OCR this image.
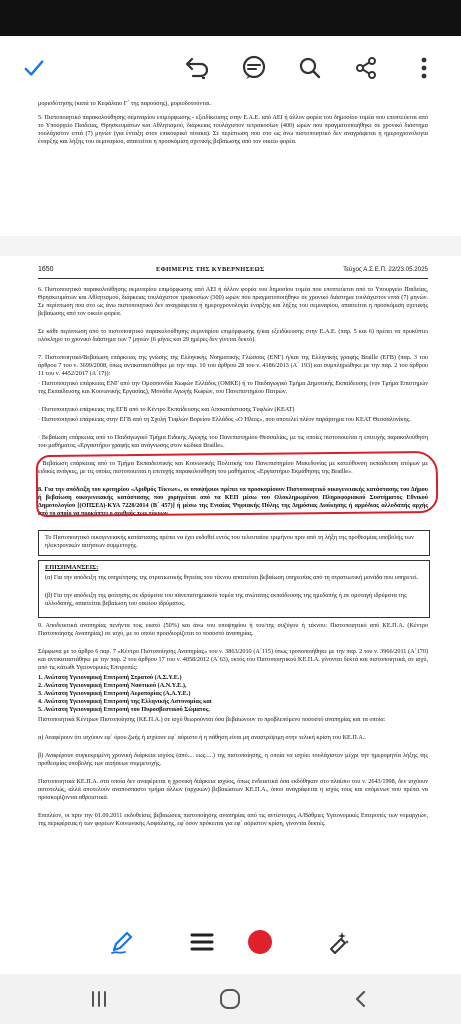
μοριοδότησης (κατά το Κεφάλαιο Γ΄ της παρούσης), μοριοδοτούνται.
5. Πιστοποιητικό παρακολούθησης σεμιναρίου επιμόρφωσης - εξειδίκευσης στην Ε.Α.Ε. από ΑΕΙ ή άλλον φορέα του δημοσίου τομέα που εποπτεύεται από το Υπουργείο Παιδείας, Θρησκευμάτων και Αθλητισμού, διάρκειας τουλάχιστον τετρακοσίων (400) ωρών που πραγματοποιήθηκε σε χρονικό διάστημα τουλάχιστον επτά (7) μηνών (για ένταξη στον επικουρικό πίνακα). Σε περίπτωση που στο ως άνω πιστοποιητικό δεν αναγράφεται η ημεροχρονολογία έναρξης και λήξης του σεμιναρίου, απαιτείται η προσκόμιση σχετικής βεβαίωσης από τον οικείο φορέα.
1650	ΕΦΗΜΕΡΙΣ ΤΗΣ ΚΥΒΕΡΝΗΣΕΩΣ	Τεύχος Α.Σ.Ε.Π. 22/23.05.2025
6. Πιστοποιητικό παρακολούθησης σεμιναρίου επιμόρφωσης από ΑΕΙ ή άλλον φορέα του δημοσίου τομέα που εποπτεύεται από το Υπουργείο Παιδείας, Θρησκευμάτων και Αθλητισμού, διάρκειας τουλάχιστον τριακοσίων (300) ωρών που πραγματοποιήθηκε σε χρονικό διάστημα τουλάχιστον επτά (7) μηνών. Σε περίπτωση που στο ως άνω πιστοποιητικό δεν αναγράφεται η ημεροχρονολογία έναρξης και λήξης του σεμιναρίου, απαιτείται η προσκόμιση σχετικής βεβαίωσης από τον οικείο φορέα.
Σε κάθε περίπτωση από το πιστοποιητικό παρακολούθησης σεμιναρίου επιμόρφωσης ή/και εξειδίκευσης στην Ε.Α.Ε. (παρ. 5 και 6) πρέπει να προκύπτει ολόκληρο το χρονικό διάστημα των 7 μηνών (6 μήνες και 29 ημέρες δεν γίνεται δεκτό).
7. Πιστοποιητικό/Βεβαίωση επάρκειας της γνώσης της Ελληνικής Νοηματικής Γλώσσας (ΕΝΓ) ή/και της Ελληνικής γραφής Braille (ΕΓΒ) (παρ. 3 του άρθρου 7 του ν. 3699/2008, όπως αντικαταστάθηκε με την παρ. 10 του άρθρου 28 του ν. 4186/2013 (Α΄ 193) και συμπληρώθηκε με την παρ. 2 του άρθρου 11 του ν. 4452/2017 (Α΄17)):
· Πιστοποιητικό επάρκειας ΕΝΓ από την Ομοσπονδία Κωφών Ελλάδος (ΟΜΚΕ) ή το Παιδαγωγικό Τμήμα Δημοτικής Εκπαίδευσης (νυν Τμήμα Επιστημών της Εκπαίδευσης και Κοινωνικής Εργασίας), Μονάδα Αγωγής Κωφών, του Πανεπιστημίου Πατρών.
· Πιστοποιητικό επάρκειας της ΕΓΒ από το Κέντρο Εκπαίδευσης και Αποκατάστασης Τυφλών (ΚΕΑΤ)
· Πιστοποιητικό επάρκειας στην ΕΓΒ από τη Σχολή Τυφλών Βορείου Ελλάδος «Ο Ήλιος», που αποτελεί πλέον παράρτημα του ΚΕΑΤ Θεσσαλονίκης.
· Βεβαίωση επάρκειας από το Παιδαγωγικό Τμήμα Ειδικής Αγωγής του Πανεπιστημίου Θεσσαλίας, με τις οποίες πιστοποιείται η επιτυχής παρακολούθηση του μαθήματος «Εργαστήριο γραφής και ανάγνωσης στον κώδικα Braille».
· Βεβαίωση επάρκειας από το Τμήμα Εκπαιδευτικής και Κοινωνικής Πολιτικής του Πανεπιστημίου Μακεδονίας με κατεύθυνση εκπαίδευση ατόμων με ειδικές ανάγκες, με τις οποίες πιστοποιείται η επιτυχής παρακολούθηση του μαθήματος «Εργαστήριο Εκμάθησης της Braille».
8. Για την απόδειξη του κριτηρίου «Αριθμός Τέκνων», οι υποψήφιοι πρέπει να προσκομίσουν Πιστοποιητικό οικογενειακής κατάστασης του Δήμου ή βεβαίωση οικογενειακής κατάστασης που χορηγείται από τα ΚΕΠ μέσω του Ολοκληρωμένου Πληροφοριακού Συστήματος Εθνικού Δημοτολογίου [(ΟΠΣΕΔ)-ΚΥΑ 7228/2014 (Β΄ 457)] ή μέσω της Ενιαίας Ψηφιακής Πύλης της Δημόσιας Διοίκησης ή αρμόδιας αλλοδαπής αρχής από το οποίο να προκύπτει ο αριθμός των τέκνων.
Το Πιστοποιητικό οικογενειακής κατάστασης πρέπει να έχει εκδοθεί εντός του τελευταίου τριμήνου πριν από τη λήξη της προθεσμίας υποβολής των ηλεκτρονικών αιτήσεων συμμετοχής.
ΕΠΙΣΗΜΑΝΣΕΙΣ:
(α) Για την απόδειξη της υπηρέτησης της στρατιωτικής θητείας του τέκνου απαιτείται βεβαίωση υπηρεσίας από τη στρατιωτική μονάδα που υπηρετεί.
(β) Για την απόδειξη της φοίτησης σε ιδρύματα του πανεπιστημιακού τομέα της ανώτατης εκπαίδευσης της ημεδαπής ή σε ομοταγή ιδρύματα της αλλοδαπής, απαιτείται βεβαίωση του οικείου ιδρύματος.
9. Αποδεικτικά αναπηρίας πενήντα τοις εκατό (50%) και άνω του υποψηφίου ή του/της συζύγου ή τέκνου: Πιστοποιητικό από ΚΕ.Π.Α. (Κέντρο Πιστοποίησης Αναπηρίας) σε ισχύ, με το οποίο προσδιορίζεται το ποσοστό αναπηρίας.
Σύμφωνα με το άρθρο 6 παρ. 7 «Κέντρο Πιστοποίησης Αναπηρίας» του ν. 3863/2010 (Α΄115) όπως τροποποιήθηκε με την παρ. 2 του ν. 3966/2011 (Α΄170) και αντικαταστάθηκε με την παρ. 2 του άρθρου 17 του ν. 4058/2012 (Α΄63), εκτός του Πιστοποιητικού ΚΕ.Π.Α. γίνονται δεκτά και πιστοποιητικά, σε ισχύ, από τις κάτωθι Υγειονομικές Επιτροπές:
1. Ανώτατη Υγειονομική Επιτροπή Στρατού (Α.Σ.Υ.Ε.)
2. Ανώτατη Υγειονομική Επιτροπή Ναυτικού (Α.Ν.Υ.Ε.),
3. Ανώτατη Υγειονομική Επιτροπή Αεροπορίας (Α.Α.Υ.Ε.)
4. Ανώτατη Υγειονομική Επιτροπή της Ελληνικής Αστυνομίας και
5. Ανώτατη Υγειονομική Επιτροπή του Πυροσβεστικού Σώματος.
Πιστοποιητικά Κέντρων Πιστοποίησης (ΚΕ.Π.Α.) σε ισχύ θεωρούνται όσα βεβαιώνουν το προβλεπόμενο ποσοστό αναπηρίας και τα οποία:
α) Αναφέρουν ότι ισχύουν εφ΄ όρου ζωής ή ισχύουν εφ΄ αόριστο ή η πάθηση είναι μη αναστρέψιμη στην τελική κρίση του ΚΕ.Π.Α..
β) Αναφέρουν συγκεκριμένη χρονική διάρκεια ισχύος (από.... εως.....) της πιστοποίησης, η οποία να ισχύει τουλάχιστον μέχρι την ημερομηνία λήξης της προθεσμίας υποβολής των αιτήσεων συμμετοχής.
Πιστοποιητικά ΚΕ.Π.Α. στα οποία δεν αναφέρεται η χρονική διάρκεια ισχύος, όπως ενδεικτικά όσα εκδόθηκαν στο πλαίσιο του ν. 2643/1998, δεν ισχύουν αυτοτελώς, αλλά αποτελούν αναπόσπαστο τμήμα άλλων (αρχικών) βεβαιώσεων ΚΕ.Π.Α., όπου αναγράφεται η ισχύς τους και επόμενων που πρέπει να προσκομίζονται αθροιστικά.
Επιπλέον, οι πριν την 01.09.2011 εκδοθείσες βεβαιώσεις πιστοποίησης αναπηρίας από τις αντίστοιχες Α/Βάθμιες Υγειονομικές Επιτροπές των νομαρχιών, της περιφέρειας ή των φορέων Κοινωνικής Ασφάλισης, εφ΄όσον πρόκειται για εφ΄ αόριστον κρίση, γίνονται δεκτές.
